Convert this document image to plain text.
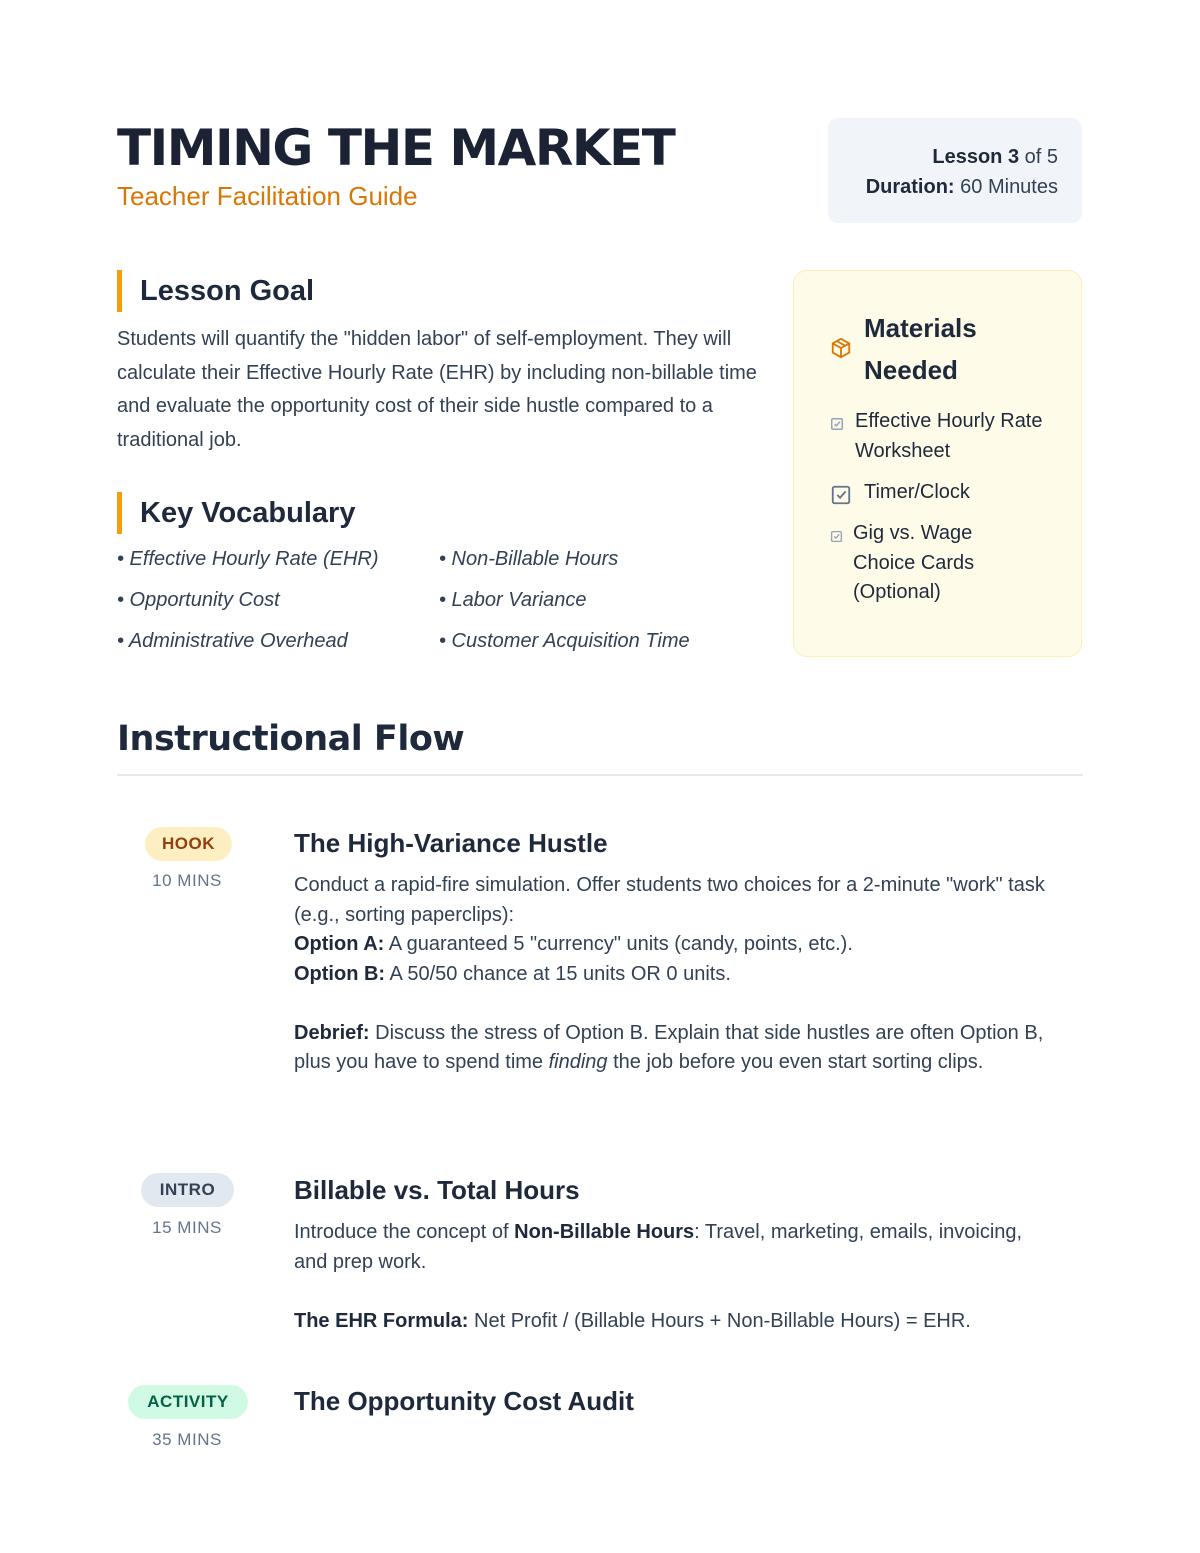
TIMING THE MARKET
Teacher Facilitation Guide
Lesson 3 of 5
Duration: 60 Minutes
Lesson Goal

Students will quantify the "hidden labor" of self-employment. They will calculate their Effective Hourly Rate (EHR) by including non-billable time and evaluate the opportunity cost of their side hustle compared to a traditional job.

Key Vocabulary
• Effective Hourly Rate (EHR)	• Non-Billable Hours
• Opportunity Cost	• Labor Variance
• Administrative Overhead	• Customer Acquisition Time
Materials Needed
Effective Hourly Rate Worksheet
Timer/Clock
Gig vs. Wage Choice Cards (Optional)
Instructional Flow
HOOK
10 MINS
The High-Variance Hustle

Conduct a rapid-fire simulation. Offer students two choices for a 2-minute "work" task (e.g., sorting paperclips):

Option A: A guaranteed 5 "currency" units (candy, points, etc.).

Option B: A 50/50 chance at 15 units OR 0 units.

Debrief: Discuss the stress of Option B. Explain that side hustles are often Option B, plus you have to spend time finding the job before you even start sorting clips.

INTRO
15 MINS
Billable vs. Total Hours

Introduce the concept of Non-Billable Hours: Travel, marketing, emails, invoicing, and prep work.

The EHR Formula: Net Profit / (Billable Hours + Non-Billable Hours) = EHR.

ACTIVITY
35 MINS
The Opportunity Cost Audit
